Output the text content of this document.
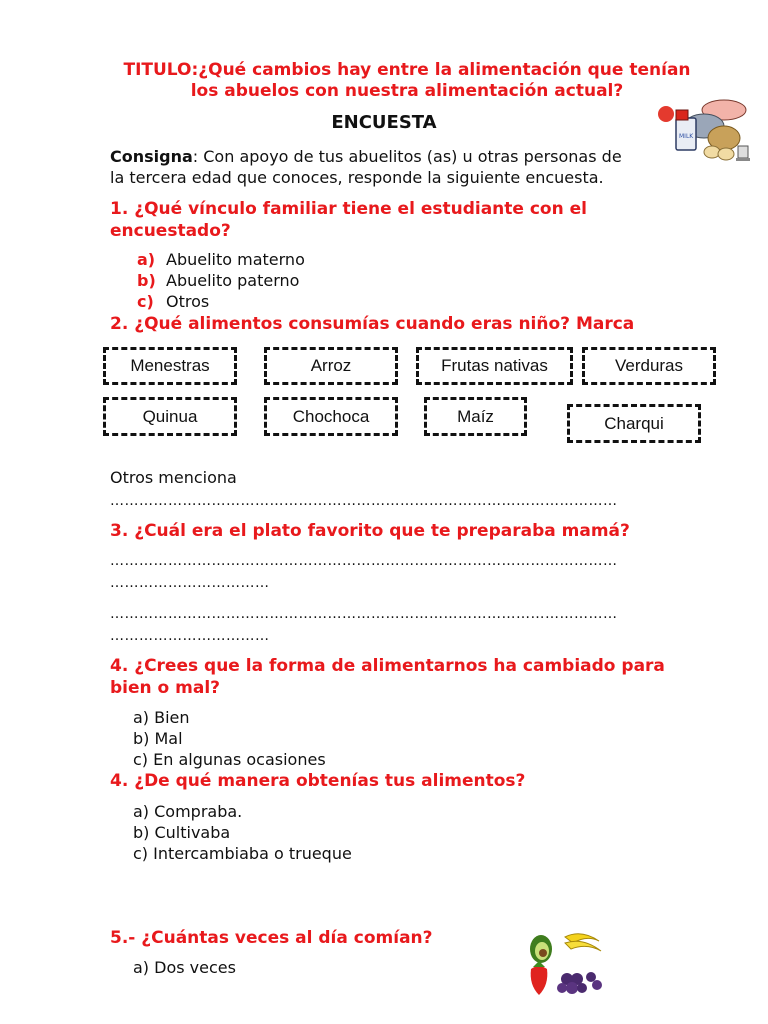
TITULO:¿Qué cambios hay entre la alimentación que tenían los abuelos con nuestra alimentación actual?
MILK
ENCUESTA
Consigna: Con apoyo de tus abuelitos (as) u otras personas de
la tercera edad que conoces, responde la siguiente encuesta.
1. ¿Qué vínculo familiar tiene el estudiante con el encuestado?
a) Abuelito materno
b) Abuelito paterno
c) Otros
2. ¿Qué alimentos consumías cuando eras niño? Marca
Menestras	Arroz	Frutas nativas	Verduras
Quinua	Chochoca	Maíz	Charqui
Otros menciona
……………………………………………………………………………………………
3. ¿Cuál era el plato favorito que te preparaba mamá?
……………………………………………………………………………………………
……………………………
……………………………………………………………………………………………
……………………………
4. ¿Crees que la forma de alimentarnos ha cambiado para bien o mal?
a) Bien
b) Mal
c) En algunas ocasiones
4. ¿De qué manera obtenías tus alimentos?
a) Compraba.
b) Cultivaba
c) Intercambiaba o trueque
5.- ¿Cuántas veces al día comían?
a) Dos veces
